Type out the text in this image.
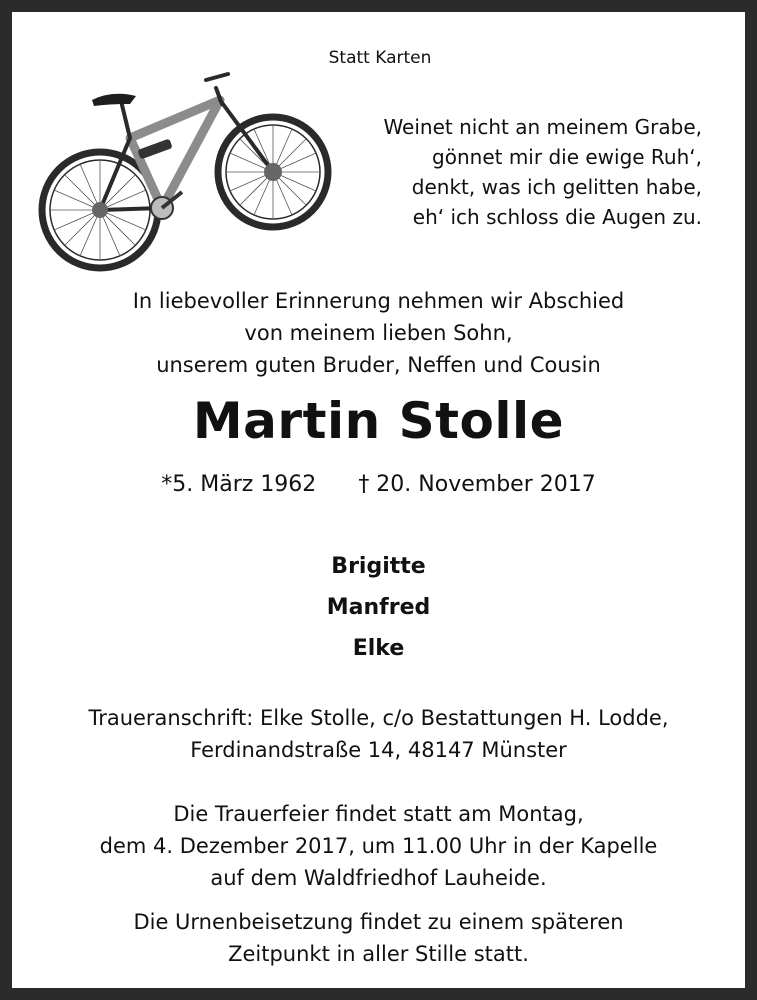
Statt Karten
Weinet nicht an meinem Grabe,
gönnet mir die ewige Ruh‘,
denkt, was ich gelitten habe,
eh‘ ich schloss die Augen zu.
In liebevoller Erinnerung nehmen wir Abschied
von meinem lieben Sohn,
unserem guten Bruder, Neffen und Cousin
Martin Stolle
*5. März 1962 † 20. November 2017
Brigitte
Manfred
Elke
Traueranschrift: Elke Stolle, c/o Bestattungen H. Lodde,
Ferdinandstraße 14, 48147 Münster
Die Trauerfeier findet statt am Montag,
dem 4. Dezember 2017, um 11.00 Uhr in der Kapelle
auf dem Waldfriedhof Lauheide.
Die Urnenbeisetzung findet zu einem späteren
Zeitpunkt in aller Stille statt.
